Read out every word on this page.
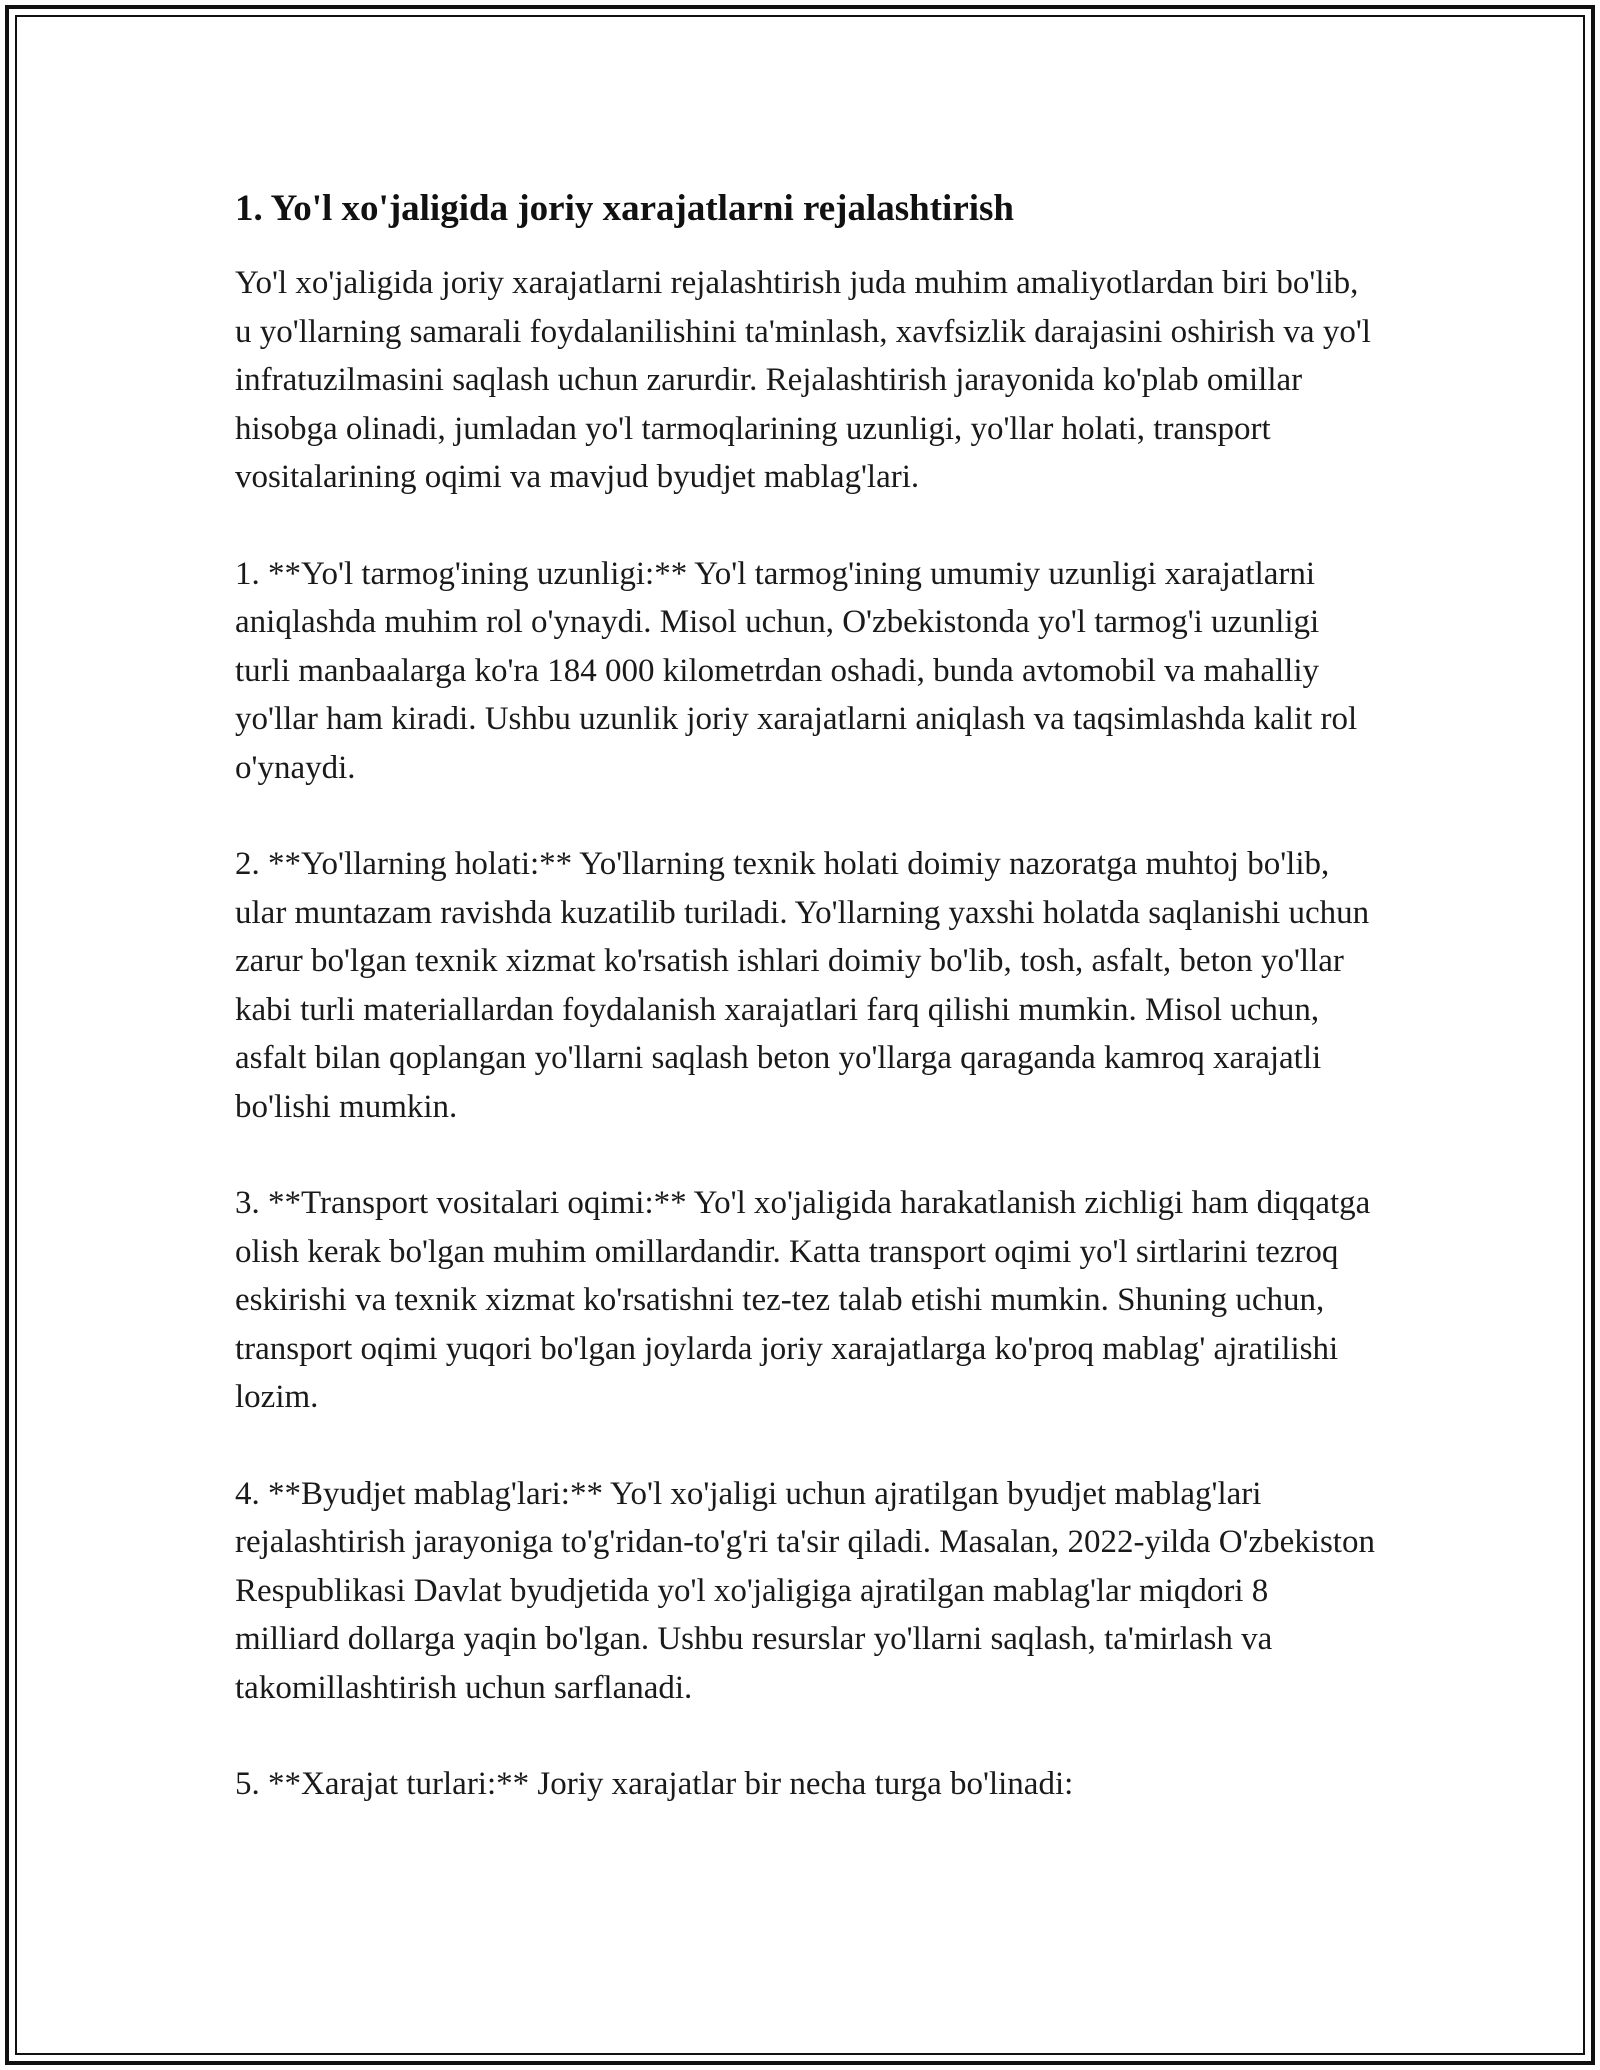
1. Yo'l xo'jaligida joriy xarajatlarni rejalashtirish

Yo'l xo'jaligida joriy xarajatlarni rejalashtirish juda muhim amaliyotlardan biri bo'lib, u yo'llarning samarali foydalanilishini ta'minlash, xavfsizlik darajasini oshirish va yo'l infratuzilmasini saqlash uchun zarurdir. Rejalashtirish jarayonida ko'plab omillar hisobga olinadi, jumladan yo'l tarmoqlarining uzunligi, yo'llar holati, transport vositalarining oqimi va mavjud byudjet mablag'lari.

1. **Yo'l tarmog'ining uzunligi:** Yo'l tarmog'ining umumiy uzunligi xarajatlarni aniqlashda muhim rol o'ynaydi. Misol uchun, O'zbekistonda yo'l tarmog'i uzunligi turli manbaalarga ko'ra 184 000 kilometrdan oshadi, bunda avtomobil va mahalliy yo'llar ham kiradi. Ushbu uzunlik joriy xarajatlarni aniqlash va taqsimlashda kalit rol o'ynaydi.

2. **Yo'llarning holati:** Yo'llarning texnik holati doimiy nazoratga muhtoj bo'lib, ular muntazam ravishda kuzatilib turiladi. Yo'llarning yaxshi holatda saqlanishi uchun zarur bo'lgan texnik xizmat ko'rsatish ishlari doimiy bo'lib, tosh, asfalt, beton yo'llar kabi turli materiallardan foydalanish xarajatlari farq qilishi mumkin. Misol uchun, asfalt bilan qoplangan yo'llarni saqlash beton yo'llarga qaraganda kamroq xarajatli bo'lishi mumkin.

3. **Transport vositalari oqimi:** Yo'l xo'jaligida harakatlanish zichligi ham diqqatga olish kerak bo'lgan muhim omillardandir. Katta transport oqimi yo'l sirtlarini tezroq eskirishi va texnik xizmat ko'rsatishni tez-tez talab etishi mumkin. Shuning uchun, transport oqimi yuqori bo'lgan joylarda joriy xarajatlarga ko'proq mablag' ajratilishi lozim.

4. **Byudjet mablag'lari:** Yo'l xo'jaligi uchun ajratilgan byudjet mablag'lari rejalashtirish jarayoniga to'g'ridan-to'g'ri ta'sir qiladi. Masalan, 2022-yilda O'zbekiston Respublikasi Davlat byudjetida yo'l xo'jaligiga ajratilgan mablag'lar miqdori 8 milliard dollarga yaqin bo'lgan. Ushbu resurslar yo'llarni saqlash, ta'mirlash va takomillashtirish uchun sarflanadi.

5. **Xarajat turlari:** Joriy xarajatlar bir necha turga bo'linadi:
